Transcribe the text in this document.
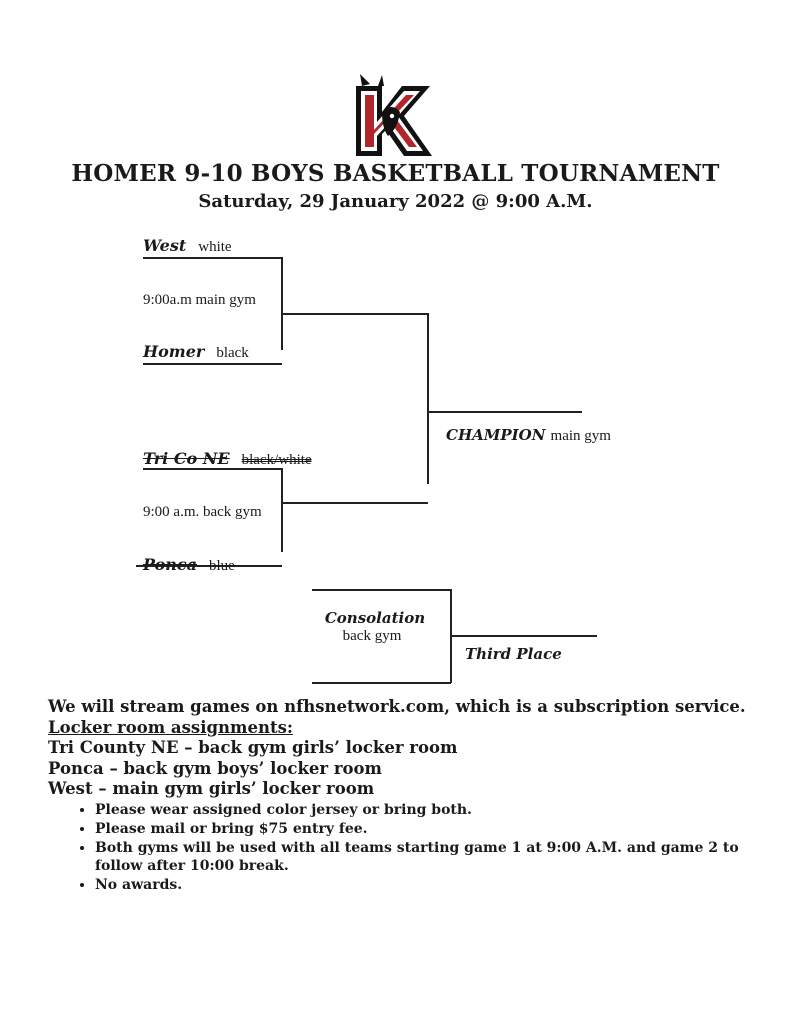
HOMER 9-10 BOYS BASKETBALL TOURNAMENT
Saturday, 29 January 2022 @ 9:00 A.M.
West white
9:00a.m main gym
Homer black
Tri Co NE black/white
9:00 a.m. back gym
Ponca blue
CHAMPION main gym
Consolation
back gym
Third Place

We will stream games on nfhsnetwork.com, which is a subscription service.

Locker room assignments:

Tri County NE – back gym girls’ locker room

Ponca – back gym boys’ locker room

West – main gym girls’ locker room

• Please wear assigned color jersey or bring both.
• Please mail or bring $75 entry fee.
• Both gyms will be used with all teams starting game 1 at 9:00 A.M. and game 2 to follow after 10:00 break.
• No awards.
